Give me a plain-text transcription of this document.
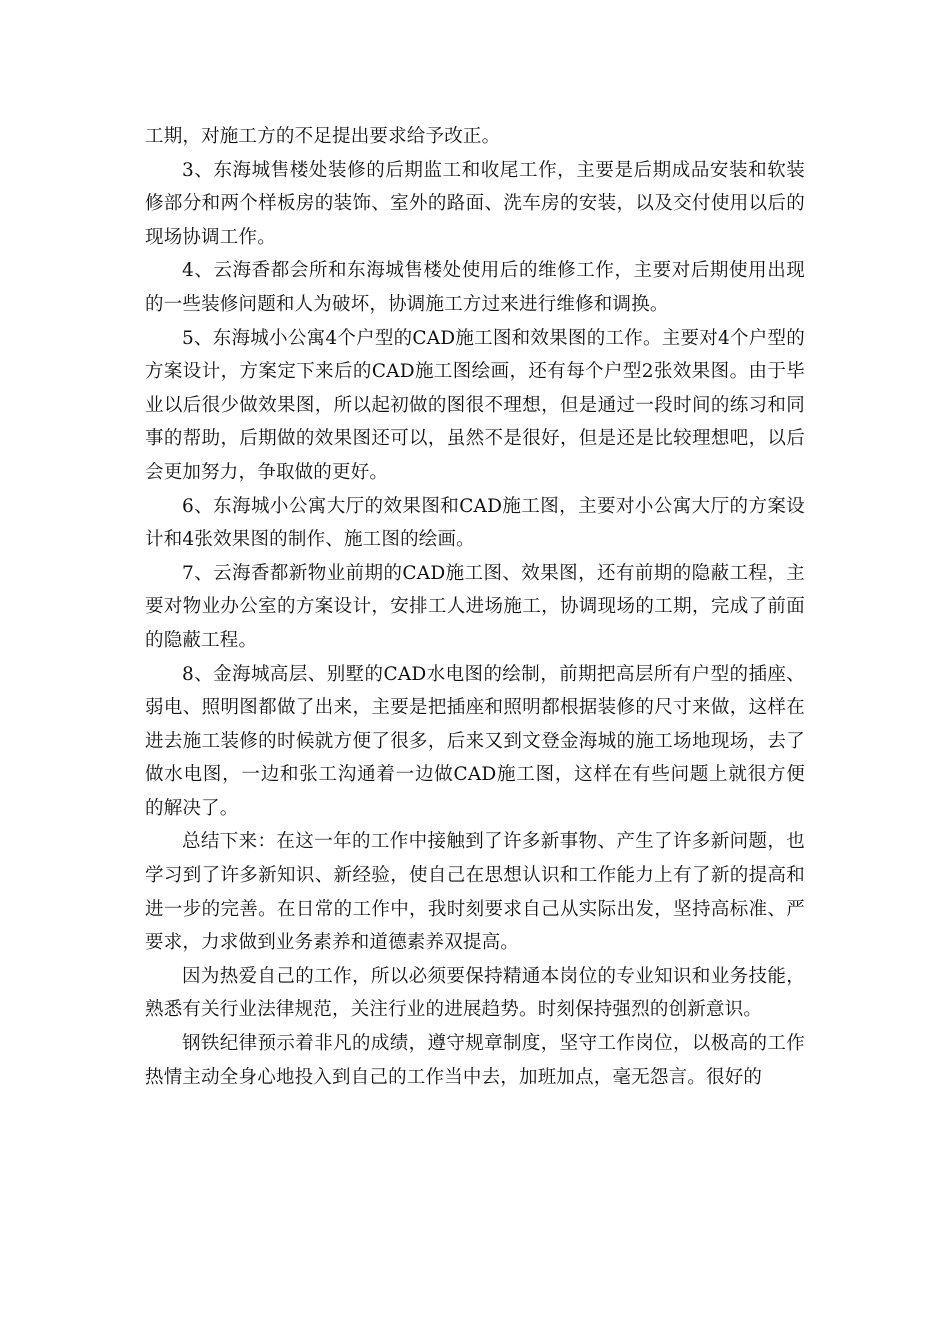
工期，对施工方的不足提出要求给予改正。

3、东海城售楼处装修的后期监工和收尾工作，主要是后期成品安装和软装修部分和两个样板房的装饰、室外的路面、洗车房的安装，以及交付使用以后的现场协调工作。

4、云海香都会所和东海城售楼处使用后的维修工作，主要对后期使用出现的一些装修问题和人为破坏，协调施工方过来进行维修和调换。

5、东海城小公寓4个户型的CAD施工图和效果图的工作。主要对4个户型的方案设计，方案定下来后的CAD施工图绘画，还有每个户型2张效果图。由于毕业以后很少做效果图，所以起初做的图很不理想，但是通过一段时间的练习和同事的帮助，后期做的效果图还可以，虽然不是很好，但是还是比较理想吧，以后会更加努力，争取做的更好。

6、东海城小公寓大厅的效果图和CAD施工图，主要对小公寓大厅的方案设计和4张效果图的制作、施工图的绘画。

7、云海香都新物业前期的CAD施工图、效果图，还有前期的隐蔽工程，主要对物业办公室的方案设计，安排工人进场施工，协调现场的工期，完成了前面的隐蔽工程。

8、金海城高层、别墅的CAD水电图的绘制，前期把高层所有户型的插座、弱电、照明图都做了出来，主要是把插座和照明都根据装修的尺寸来做，这样在进去施工装修的时候就方便了很多，后来又到文登金海城的施工场地现场，去了做水电图，一边和张工沟通着一边做CAD施工图，这样在有些问题上就很方便的解决了。

总结下来：在这一年的工作中接触到了许多新事物、产生了许多新问题，也学习到了许多新知识、新经验，使自己在思想认识和工作能力上有了新的提高和进一步的完善。在日常的工作中，我时刻要求自己从实际出发，坚持高标准、严要求，力求做到业务素养和道德素养双提高。

因为热爱自己的工作，所以必须要保持精通本岗位的专业知识和业务技能，熟悉有关行业法律规范，关注行业的进展趋势。时刻保持强烈的创新意识。

钢铁纪律预示着非凡的成绩，遵守规章制度，坚守工作岗位，以极高的工作热情主动全身心地投入到自己的工作当中去，加班加点，毫无怨言。很好的
